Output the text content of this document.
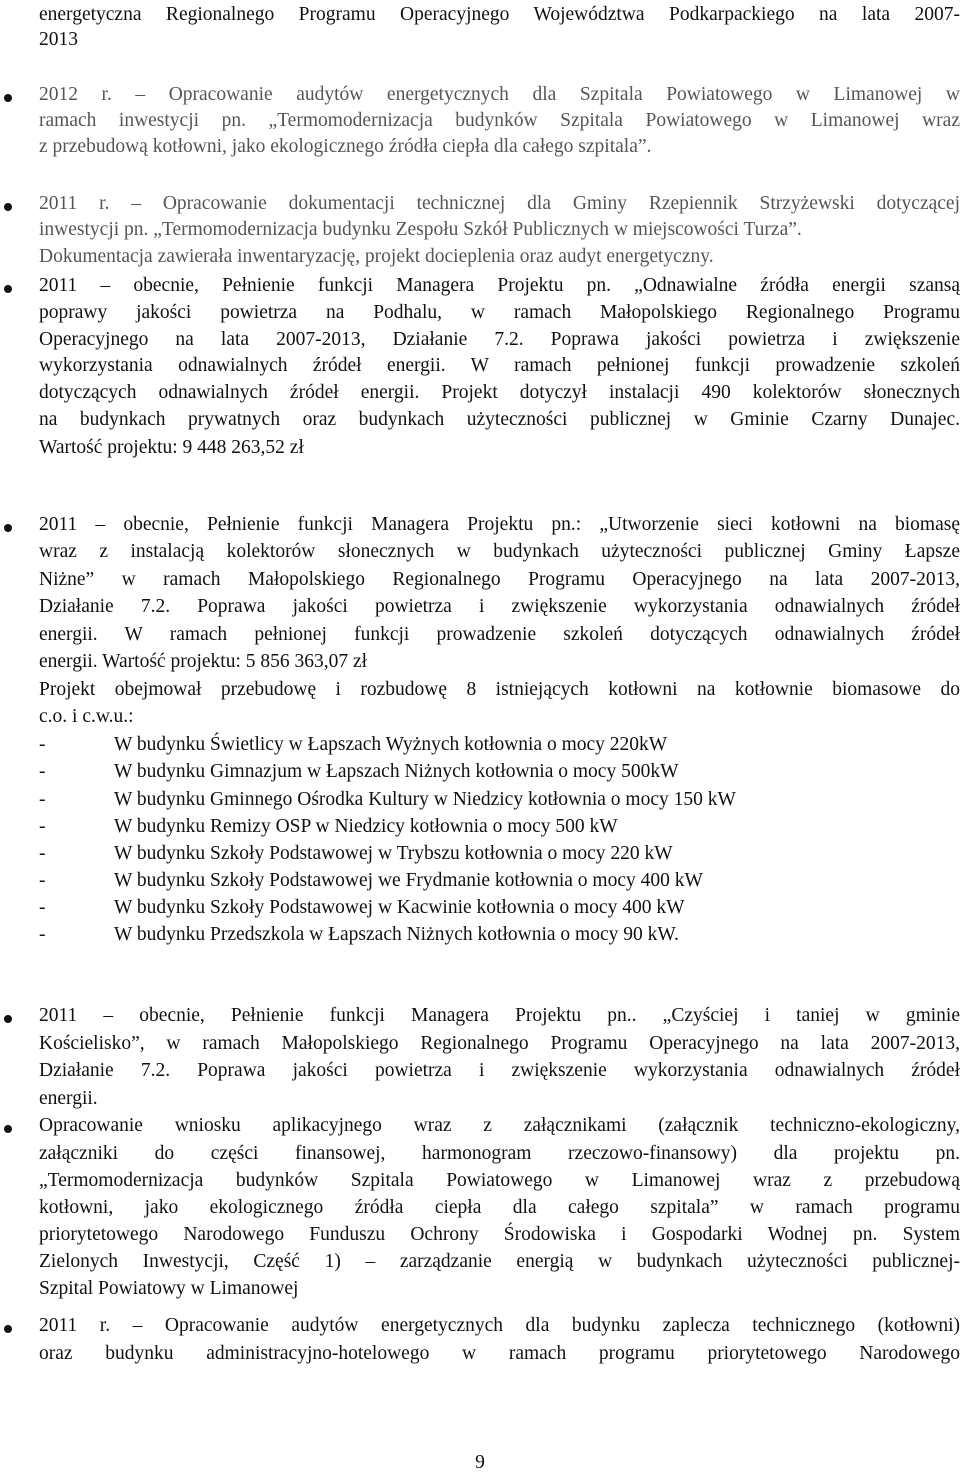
energetyczna Regionalnego Programu Operacyjnego Województwa Podkarpackiego na lata 2007-

2013

2012 r. – Opracowanie audytów energetycznych dla Szpitala Powiatowego w Limanowej w

ramach inwestycji pn. „Termomodernizacja budynków Szpitala Powiatowego w Limanowej wraz

z przebudową kotłowni, jako ekologicznego źródła ciepła dla całego szpitala”.

2011 r. – Opracowanie dokumentacji technicznej dla Gminy Rzepiennik Strzyżewski dotyczącej

inwestycji pn. „Termomodernizacja budynku Zespołu Szkół Publicznych w miejscowości Turza”.

Dokumentacja zawierała inwentaryzację, projekt docieplenia oraz audyt energetyczny.

2011 – obecnie, Pełnienie funkcji Managera Projektu pn. „Odnawialne źródła energii szansą

poprawy jakości powietrza na Podhalu, w ramach Małopolskiego Regionalnego Programu

Operacyjnego na lata 2007-2013, Działanie 7.2. Poprawa jakości powietrza i zwiększenie

wykorzystania odnawialnych źródeł energii. W ramach pełnionej funkcji prowadzenie szkoleń

dotyczących odnawialnych źródeł energii. Projekt dotyczył instalacji 490 kolektorów słonecznych

na budynkach prywatnych oraz budynkach użyteczności publicznej w Gminie Czarny Dunajec.

Wartość projektu: 9 448 263,52 zł

2011 – obecnie, Pełnienie funkcji Managera Projektu pn.: „Utworzenie sieci kotłowni na biomasę

wraz z instalacją kolektorów słonecznych w budynkach użyteczności publicznej Gminy Łapsze

Niżne” w ramach Małopolskiego Regionalnego Programu Operacyjnego na lata 2007-2013,

Działanie 7.2. Poprawa jakości powietrza i zwiększenie wykorzystania odnawialnych źródeł

energii. W ramach pełnionej funkcji prowadzenie szkoleń dotyczących odnawialnych źródeł

energii. Wartość projektu: 5 856 363,07 zł

Projekt obejmował przebudowę i rozbudowę 8 istniejących kotłowni na kotłownie biomasowe do

c.o. i c.w.u.:

-	W budynku Świetlicy w Łapszach Wyżnych kotłownia o mocy 220kW

-	W budynku Gimnazjum w Łapszach Niżnych kotłownia o mocy 500kW

-	W budynku Gminnego Ośrodka Kultury w Niedzicy kotłownia o mocy 150 kW

-	W budynku Remizy OSP w Niedzicy kotłownia o mocy 500 kW

-	W budynku Szkoły Podstawowej w Trybszu kotłownia o mocy 220 kW

-	W budynku Szkoły Podstawowej we Frydmanie kotłownia o mocy 400 kW

-	W budynku Szkoły Podstawowej w Kacwinie kotłownia o mocy 400 kW

-	W budynku Przedszkola w Łapszach Niżnych kotłownia o mocy 90 kW.

2011 – obecnie, Pełnienie funkcji Managera Projektu pn.. „Czyściej i taniej w gminie

Kościelisko”, w ramach Małopolskiego Regionalnego Programu Operacyjnego na lata 2007-2013,

Działanie 7.2. Poprawa jakości powietrza i zwiększenie wykorzystania odnawialnych źródeł

energii.

Opracowanie wniosku aplikacyjnego wraz z załącznikami (załącznik techniczno-ekologiczny,

załączniki do części finansowej, harmonogram rzeczowo-finansowy) dla projektu pn.

„Termomodernizacja budynków Szpitala Powiatowego w Limanowej wraz z przebudową

kotłowni, jako ekologicznego źródła ciepła dla całego szpitala” w ramach programu

priorytetowego Narodowego Funduszu Ochrony Środowiska i Gospodarki Wodnej pn. System

Zielonych Inwestycji, Część 1) – zarządzanie energią w budynkach użyteczności publicznej-

Szpital Powiatowy w Limanowej

2011 r. – Opracowanie audytów energetycznych dla budynku zaplecza technicznego (kotłowni)

oraz budynku administracyjno-hotelowego w ramach programu priorytetowego Narodowego

9
